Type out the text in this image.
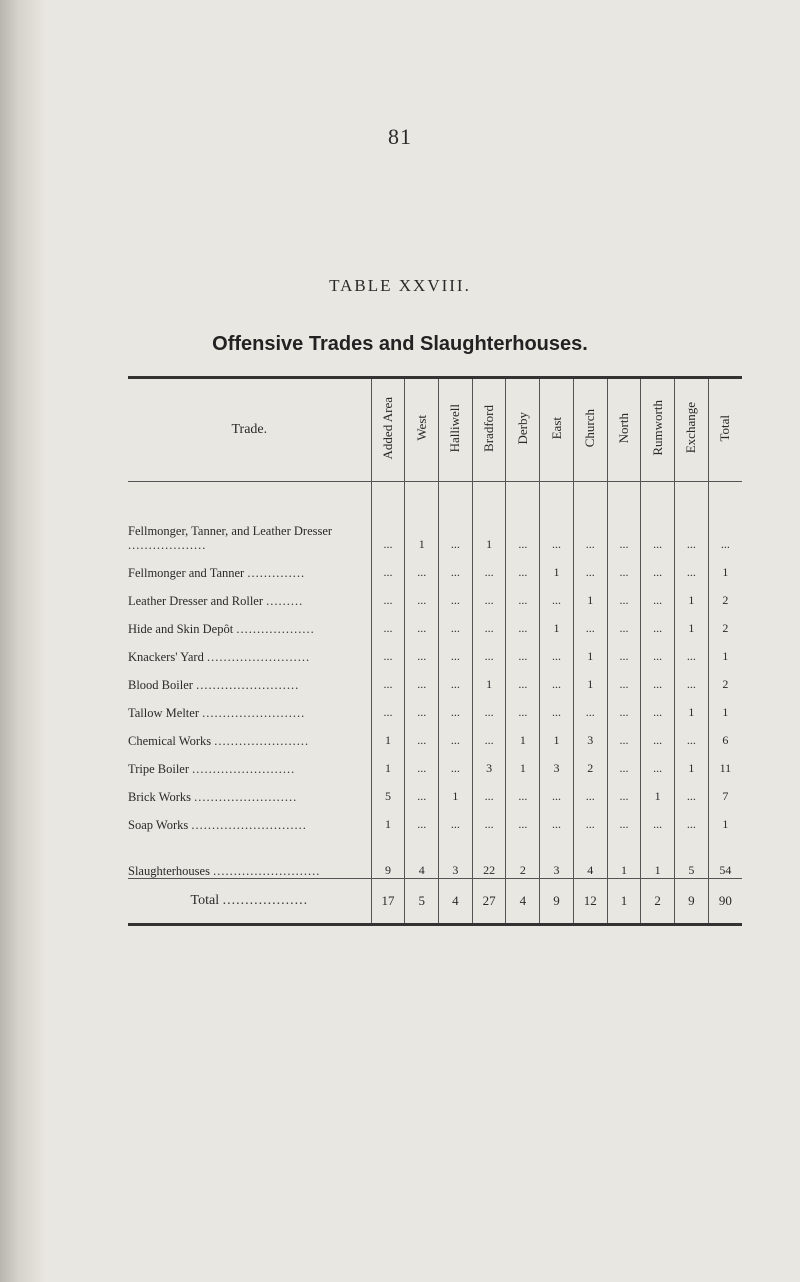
81
TABLE XXVIII.
Offensive Trades and Slaughterhouses.
Trade.	Added Area	West	Halliwell	Bradford	Derby	East	Church	North	Rumworth	Exchange	Total
Fellmonger, Tanner, and Leather Dresser ...................	...	1	...	1	...	...	...	...	...	...	...
Fellmonger and Tanner ..............	...	...	...	...	...	1	...	...	...	...	1
Leather Dresser and Roller .........	...	...	...	...	...	...	1	...	...	1	2
Hide and Skin Depôt ...................	...	...	...	...	...	1	...	...	...	1	2
Knackers' Yard .........................	...	...	...	...	...	...	1	...	...	...	1
Blood Boiler .........................	...	...	...	1	...	...	1	...	...	...	2
Tallow Melter .........................	...	...	...	...	...	...	...	...	...	1	1
Chemical Works .......................	1	...	...	...	1	1	3	...	...	...	6
Tripe Boiler .........................	1	...	...	3	1	3	2	...	...	1	11
Brick Works .........................	5	...	1	...	...	...	...	...	1	...	7
Soap Works ............................	1	...	...	...	...	...	...	...	...	...	1
Slaughterhouses ..........................	9	4	3	22	2	3	4	1	1	5	54
Total ...................	17	5	4	27	4	9	12	1	2	9	90
